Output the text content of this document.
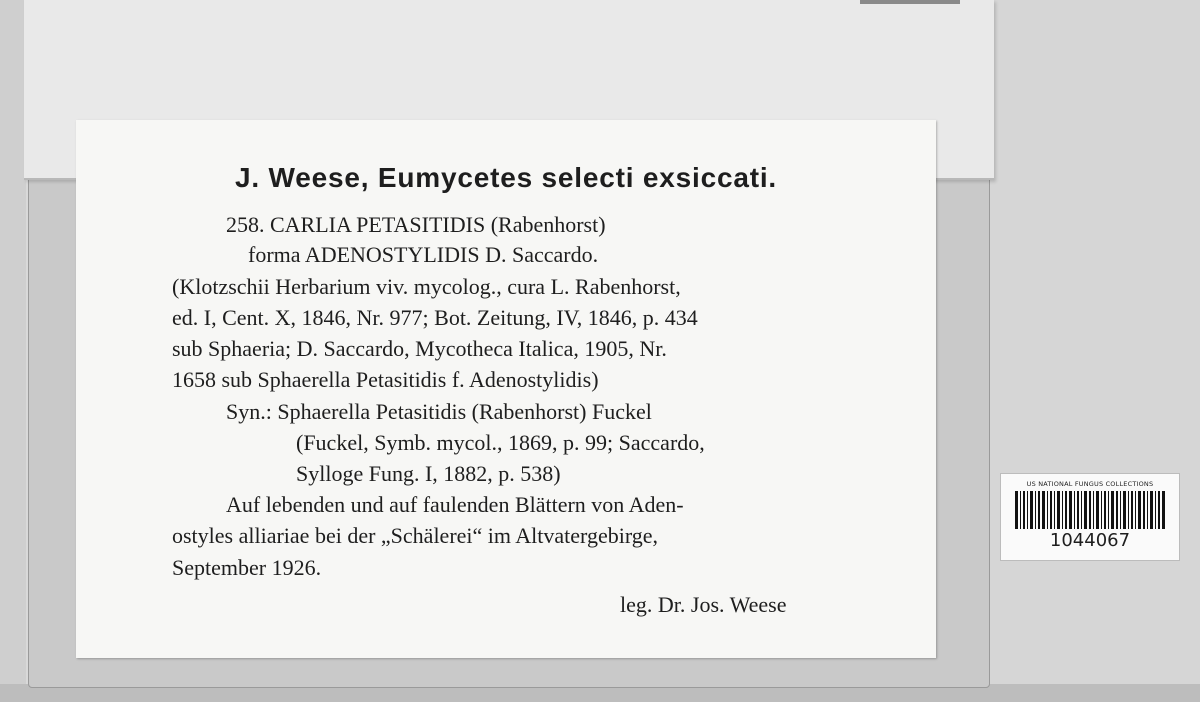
J. Weese, Eumycetes selecti exsiccati.
258. CARLIA PETASITIDIS (Rabenhorst)
forma ADENOSTYLIDIS D. Saccardo.
(Klotzschii Herbarium viv. mycolog., cura L. Rabenhorst,
ed. I, Cent. X, 1846, Nr. 977; Bot. Zeitung, IV, 1846, p. 434
sub Sphaeria; D. Saccardo, Mycotheca Italica, 1905, Nr.
1658 sub Sphaerella Petasitidis f. Adenostylidis)
Syn.: Sphaerella Petasitidis (Rabenhorst) Fuckel
(Fuckel, Symb. mycol., 1869, p. 99; Saccardo,
Sylloge Fung. I, 1882, p. 538)
Auf lebenden und auf faulenden Blättern von Aden-
ostyles alliariae bei der „Schälerei“ im Altvatergebirge,
September 1926.
leg. Dr. Jos. Weese
US NATIONAL FUNGUS COLLECTIONS
1044067
